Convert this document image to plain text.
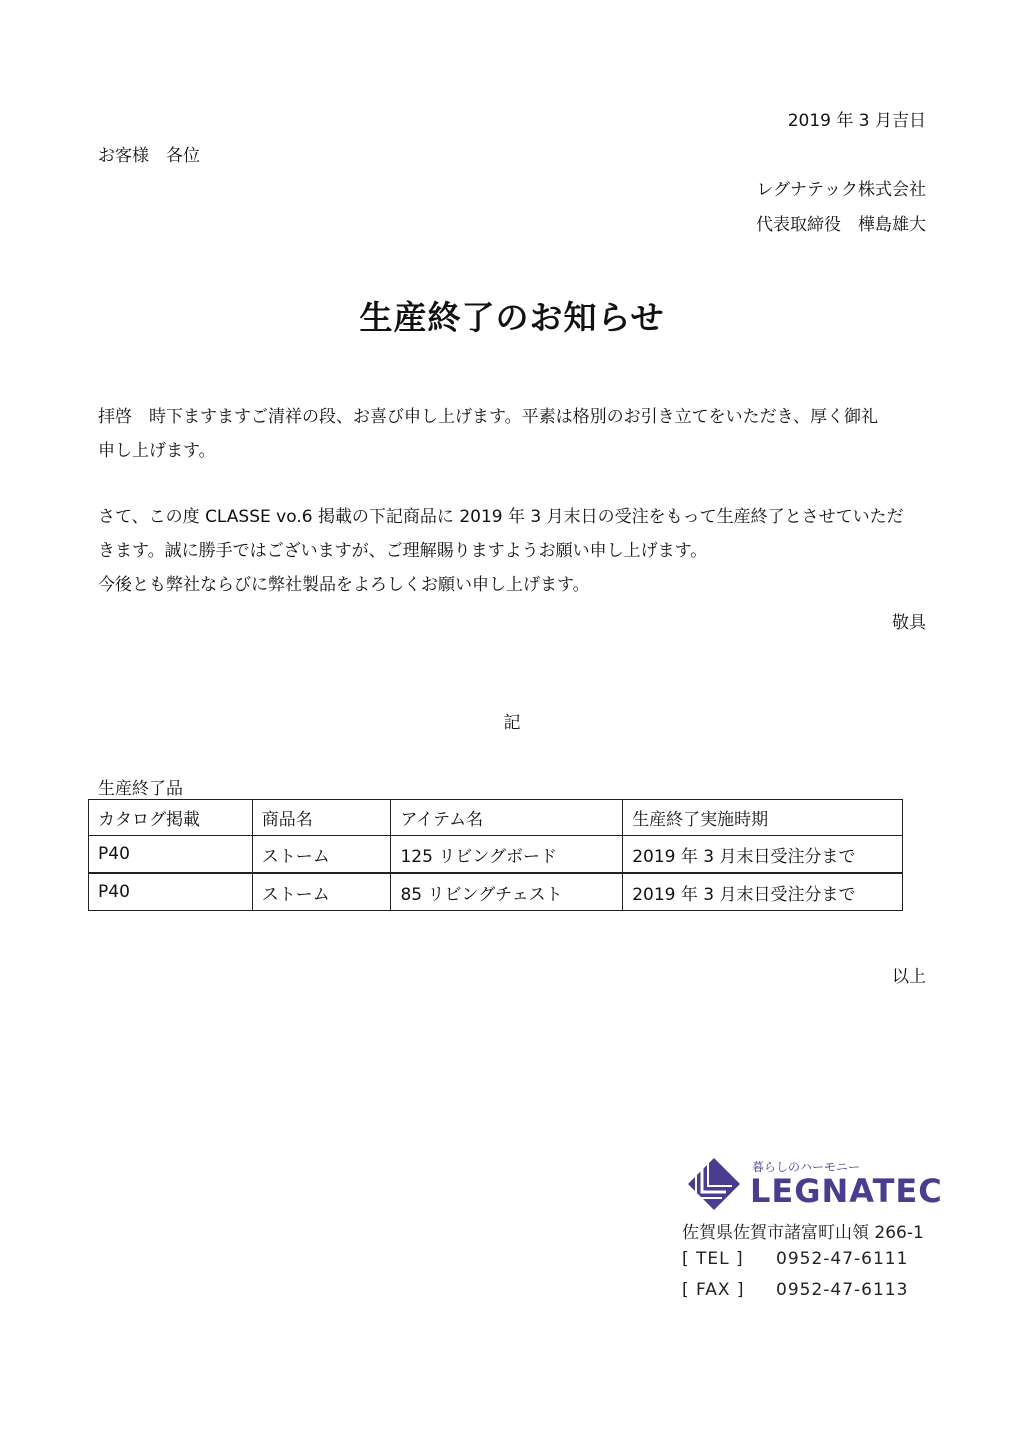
2019 年 3 月吉日
お客様　各位
レグナテック株式会社
代表取締役　樺島雄大
生産終了のお知らせ
拝啓　時下ますますご清祥の段、お喜び申し上げます。平素は格別のお引き立てをいただき、厚く御礼
申し上げます。
さて、この度 CLASSE vo.6 掲載の下記商品に 2019 年 3 月末日の受注をもって生産終了とさせていただ
きます。誠に勝手ではございますが、ご理解賜りますようお願い申し上げます。
今後とも弊社ならびに弊社製品をよろしくお願い申し上げます。
敬具
記
生産終了品
カタログ掲載	商品名	アイテム名	生産終了実施時期
P40	ストーム	125 リビングボード	2019 年 3 月末日受注分まで
P40	ストーム	85 リビングチェスト	2019 年 3 月末日受注分まで
以上
暮らしのハーモニー
LEGNATEC
佐賀県佐賀市諸富町山領 266-1
[ TEL ] 0952-47-6111
[ FAX ] 0952-47-6113
